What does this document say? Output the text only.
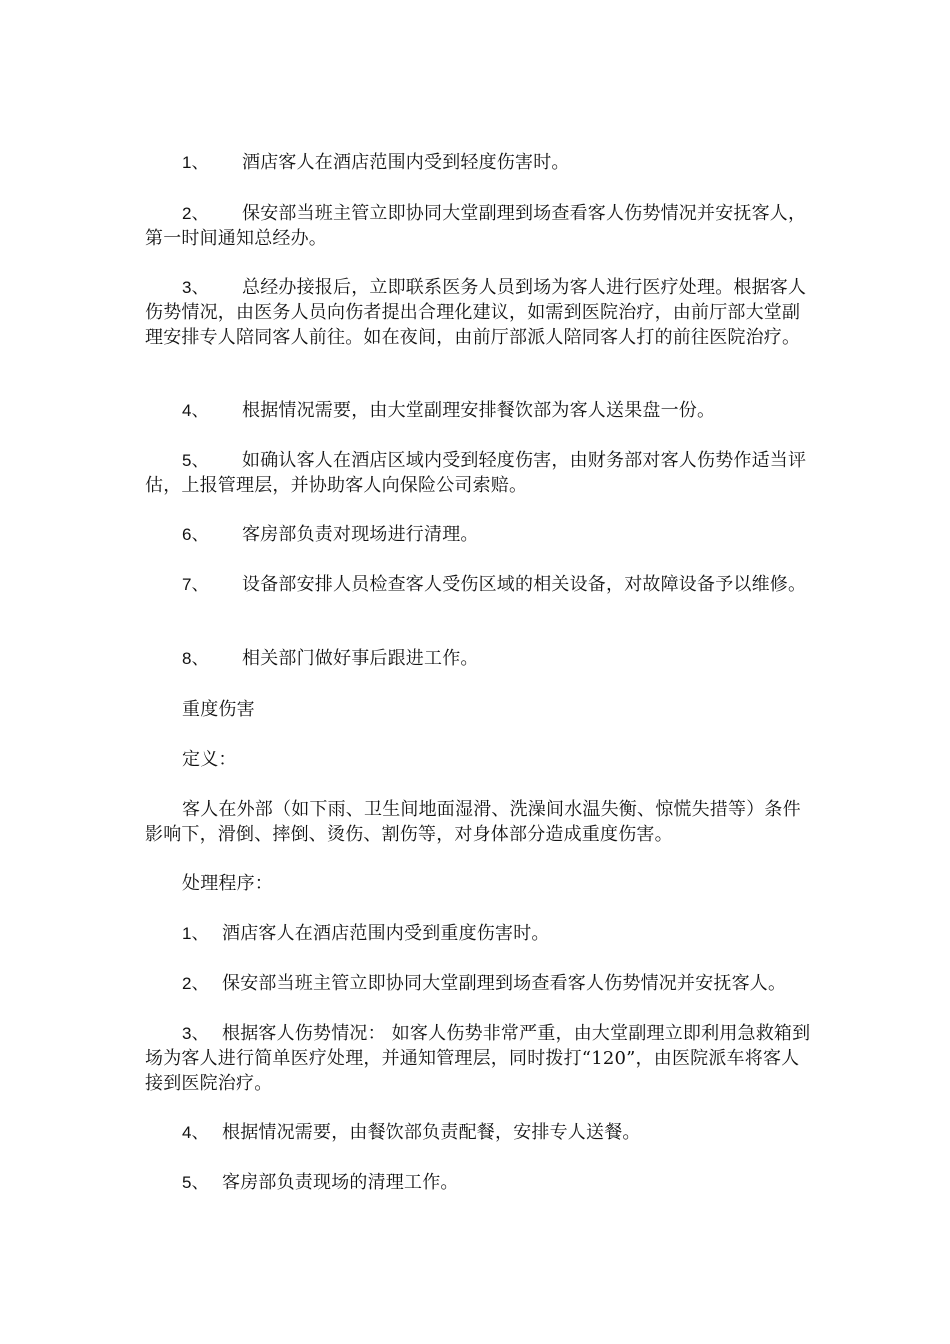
1、 酒店客人在酒店范围内受到轻度伤害时。
2、 保安部当班主管立即协同大堂副理到场查看客人伤势情况并安抚客人，第一时间通知总经办。
3、 总经办接报后，立即联系医务人员到场为客人进行医疗处理。根据客人伤势情况，由医务人员向伤者提出合理化建议，如需到医院治疗，由前厅部大堂副理安排专人陪同客人前往。如在夜间，由前厅部派人陪同客人打的前往医院治疗。
4、 根据情况需要，由大堂副理安排餐饮部为客人送果盘一份。
5、 如确认客人在酒店区域内受到轻度伤害，由财务部对客人伤势作适当评估，上报管理层，并协助客人向保险公司索赔。
6、 客房部负责对现场进行清理。
7、 设备部安排人员检查客人受伤区域的相关设备，对故障设备予以维修。
8、 相关部门做好事后跟进工作。
重度伤害
定义：
客人在外部（如下雨、卫生间地面湿滑、洗澡间水温失衡、惊慌失措等）条件影响下，滑倒、摔倒、烫伤、割伤等，对身体部分造成重度伤害。
处理程序：
1、 酒店客人在酒店范围内受到重度伤害时。
2、 保安部当班主管立即协同大堂副理到场查看客人伤势情况并安抚客人。
3、 根据客人伤势情况： 如客人伤势非常严重，由大堂副理立即利用急救箱到场为客人进行简单医疗处理，并通知管理层，同时拨打“120”，由医院派车将客人接到医院治疗。
4、 根据情况需要，由餐饮部负责配餐，安排专人送餐。
5、 客房部负责现场的清理工作。
